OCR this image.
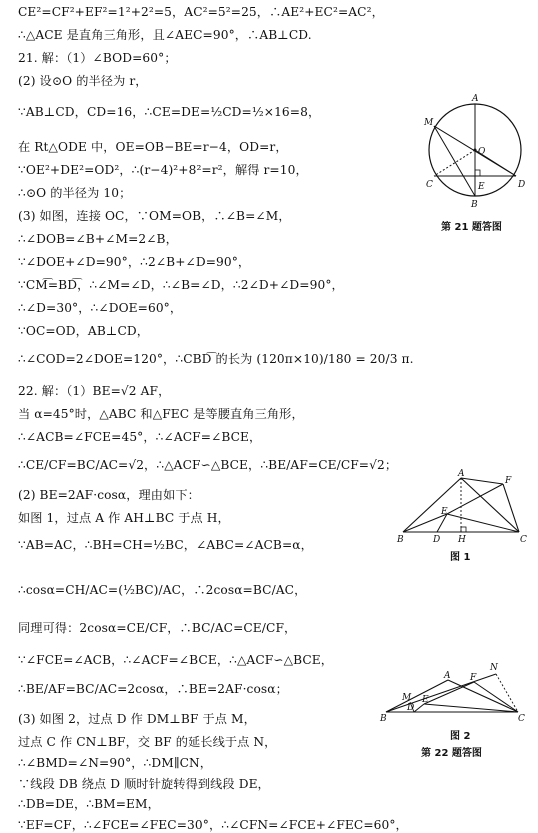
CE²=CF²+EF²=1²+2²=5，AC²=5²=25，∴AE²+EC²=AC²，
∴△ACE 是直角三角形，且∠AEC=90°，∴AB⊥CD.
21. 解：（1）∠BOD=60°；
(2) 设⊙O 的半径为 r，
∵AB⊥CD，CD=16，∴CE=DE=½CD=½×16=8，
在 Rt△ODE 中，OE=OB−BE=r−4，OD=r，
∵OE²+DE²=OD²，∴(r−4)²+8²=r²，解得 r=10，
∴⊙O 的半径为 10；
(3) 如图，连接 OC，∵OM=OB，∴∠B=∠M，
∴∠DOB=∠B+∠M=2∠B，
∵∠DOE+∠D=90°，∴2∠B+∠D=90°，
∵CM͡=BD͡，∴∠M=∠D，∴∠B=∠D，∴2∠D+∠D=90°，
∴∠D=30°，∴∠DOE=60°，
∵OC=OD，AB⊥CD，
∴∠COD=2∠DOE=120°，∴CBD͡ 的长为 (120π×10)/180 = 20/3 π.
22. 解：（1）BE=√2 AF，
当 α=45°时，△ABC 和△FEC 是等腰直角三角形，
∴∠ACB=∠FCE=45°，∴∠ACF=∠BCE，
∴CE/CF=BC/AC=√2，∴△ACF∽△BCE，∴BE/AF=CE/CF=√2；
(2) BE=2AF·cosα，理由如下：
如图 1，过点 A 作 AH⊥BC 于点 H，
∵AB=AC，∴BH=CH=½BC，∠ABC=∠ACB=α，
∴cosα=CH/AC=(½BC)/AC，∴2cosα=BC/AC，
同理可得：2cosα=CE/CF，∴BC/AC=CE/CF，
∵∠FCE=∠ACB，∴∠ACF=∠BCE，∴△ACF∽△BCE，
∴BE/AF=BC/AC=2cosα，∴BE=2AF·cosα；
(3) 如图 2，过点 D 作 DM⊥BF 于点 M，
过点 C 作 CN⊥BF，交 BF 的延长线于点 N，
∴∠BMD=∠N=90°，∴DM∥CN，
∵线段 DB 绕点 D 顺时针旋转得到线段 DE，
∴DB=DE，∴BM=EM，
∵EF=CF，∴∠FCE=∠FEC=30°，∴∠CFN=∠FCE+∠FEC=60°，
A
M
O
C	E	D
B
第 21 题答图
A
F
E
B	D H	C
图 1
N
A F
M
D
E
B	C
图 2
第 22 题答图
